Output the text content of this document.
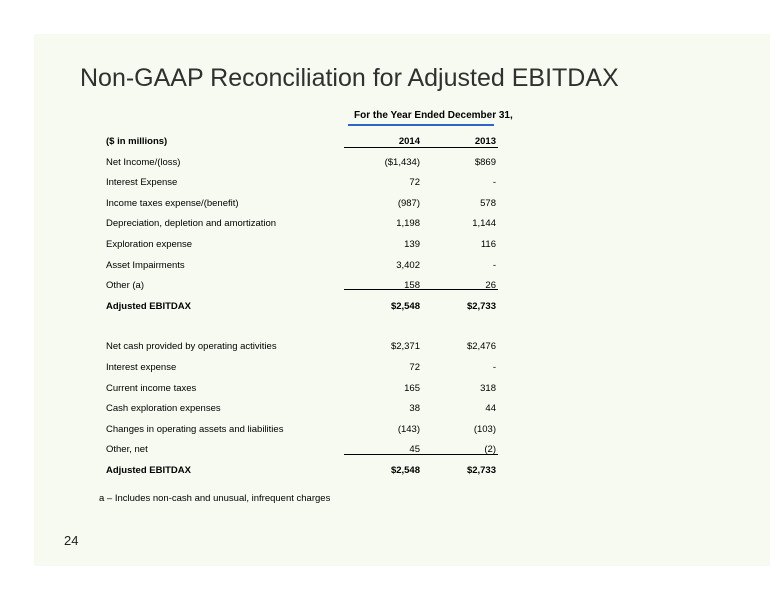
Non-GAAP Reconciliation for Adjusted EBITDAX
For the Year Ended December 31,
($ in millions)	2014	2013
Net Income/(loss)	($1,434)	$869
Interest Expense	72	-
Income taxes expense/(benefit)	(987)	578
Depreciation, depletion and amortization	1,198	1,144
Exploration expense	139	116
Asset Impairments	3,402	-
Other (a)	158	26
Adjusted EBITDAX	$2,548	$2,733
Net cash provided by operating activities	$2,371	$2,476
Interest expense	72	-
Current income taxes	165	318
Cash exploration expenses	38	44
Changes in operating assets and liabilities	(143)	(103)
Other, net	45	(2)
Adjusted EBITDAX	$2,548	$2,733
a – Includes non-cash and unusual, infrequent charges
24
